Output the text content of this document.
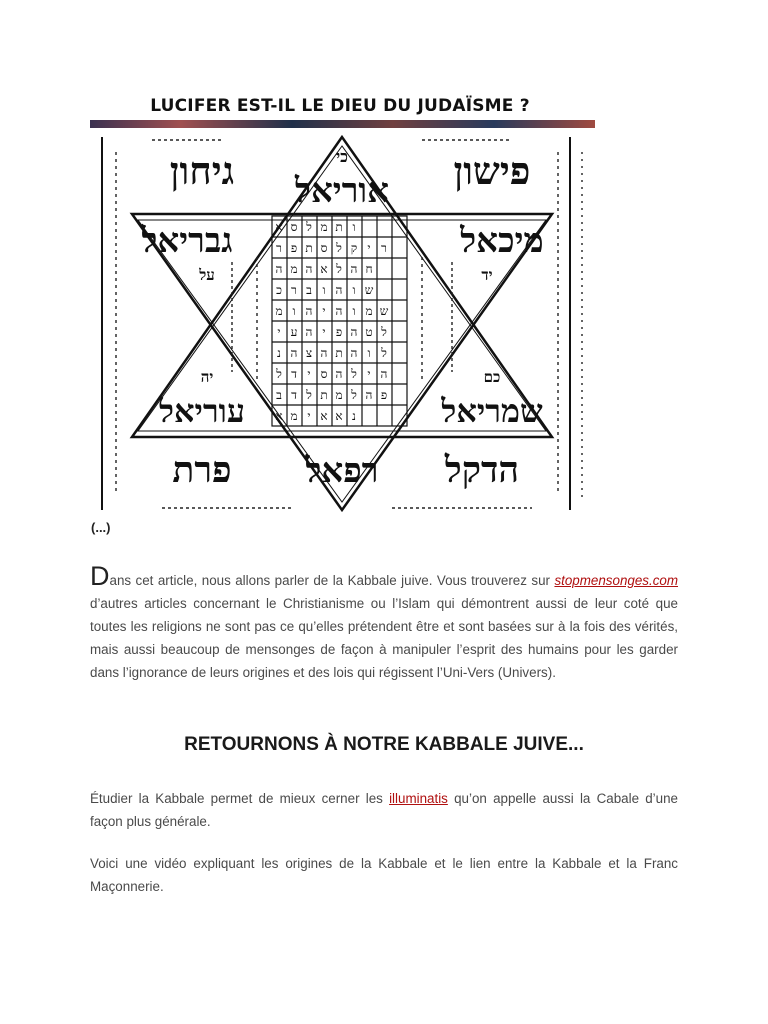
LUCIFER EST-IL LE DIEU DU JUDAÏSME ?
א ס ל מ ת ו
ר פ ת ס ל ק י ר
ה מ ה א ל ה ח
כ ר ב ו ה ו ש
מ ו ה י ה ו מ ש
י ע ה י פ ה ט ל
נ ה צ ה ת ה ו ל
ל ד י ס ה ל י ה
ב ד ל ת מ ל ה פ
א מ י א א נ
כי	פישון
גיחון אוריאל
גבריאל	מיכאל
שמריאל
עוריאל
הדקל
רפאל
פרת
על	יד
כם
יה
(...)
Dans cet article, nous allons parler de la Kabbale juive. Vous trouverez sur stopmensonges.com d’autres articles concernant le Christianisme ou l’Islam qui démontrent aussi de leur coté que toutes les religions ne sont pas ce qu’elles prétendent être et sont basées sur à la fois des vérités, mais aussi beaucoup de mensonges de façon à manipuler l’esprit des humains pour les garder dans l’ignorance de leurs origines et des lois qui régissent l’Uni-Vers (Univers).
RETOURNONS À NOTRE KABBALE JUIVE...
Étudier la Kabbale permet de mieux cerner les illuminatis qu’on appelle aussi la Cabale d’une façon plus générale.
Voici une vidéo expliquant les origines de la Kabbale et le lien entre la Kabbale et la Franc Maçonnerie.
